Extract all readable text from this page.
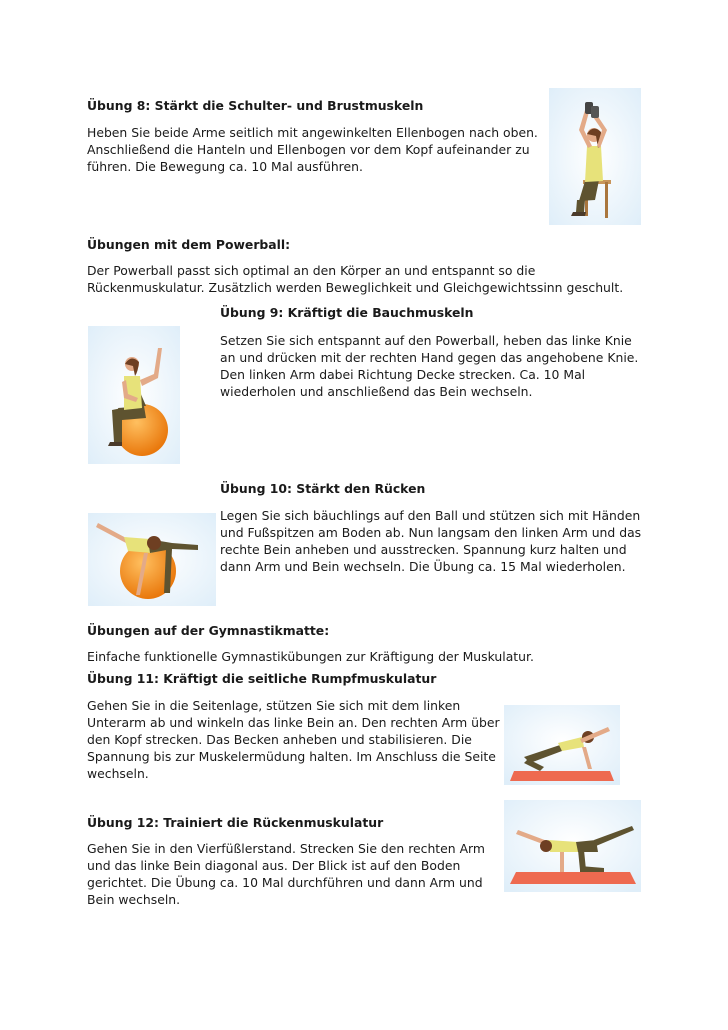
Übung 8: Stärkt die Schulter- und Brustmuskeln
Heben Sie beide Arme seitlich mit angewinkelten Ellenbogen nach oben.
Anschließend die Hanteln und Ellenbogen vor dem Kopf aufeinander zu
führen. Die Bewegung ca. 10 Mal ausführen.
Übungen mit dem Powerball:
Der Powerball passt sich optimal an den Körper an und entspannt so die
Rückenmuskulatur. Zusätzlich werden Beweglichkeit und Gleichgewichtssinn geschult.
Übung 9: Kräftigt die Bauchmuskeln
Setzen Sie sich entspannt auf den Powerball, heben das linke Knie
an und drücken mit der rechten Hand gegen das angehobene Knie.
Den linken Arm dabei Richtung Decke strecken. Ca. 10 Mal
wiederholen und anschließend das Bein wechseln.
Übung 10: Stärkt den Rücken
Legen Sie sich bäuchlings auf den Ball und stützen sich mit Händen
und Fußspitzen am Boden ab. Nun langsam den linken Arm und das
rechte Bein anheben und ausstrecken. Spannung kurz halten und
dann Arm und Bein wechseln. Die Übung ca. 15 Mal wiederholen.
Übungen auf der Gymnastikmatte:
Einfache funktionelle Gymnastikübungen zur Kräftigung der Muskulatur.
Übung 11: Kräftigt die seitliche Rumpfmuskulatur
Gehen Sie in die Seitenlage, stützen Sie sich mit dem linken
Unterarm ab und winkeln das linke Bein an. Den rechten Arm über
den Kopf strecken. Das Becken anheben und stabilisieren. Die
Spannung bis zur Muskelermüdung halten. Im Anschluss die Seite
wechseln.
Übung 12: Trainiert die Rückenmuskulatur
Gehen Sie in den Vierfüßlerstand. Strecken Sie den rechten Arm
und das linke Bein diagonal aus. Der Blick ist auf den Boden
gerichtet. Die Übung ca. 10 Mal durchführen und dann Arm und
Bein wechseln.
